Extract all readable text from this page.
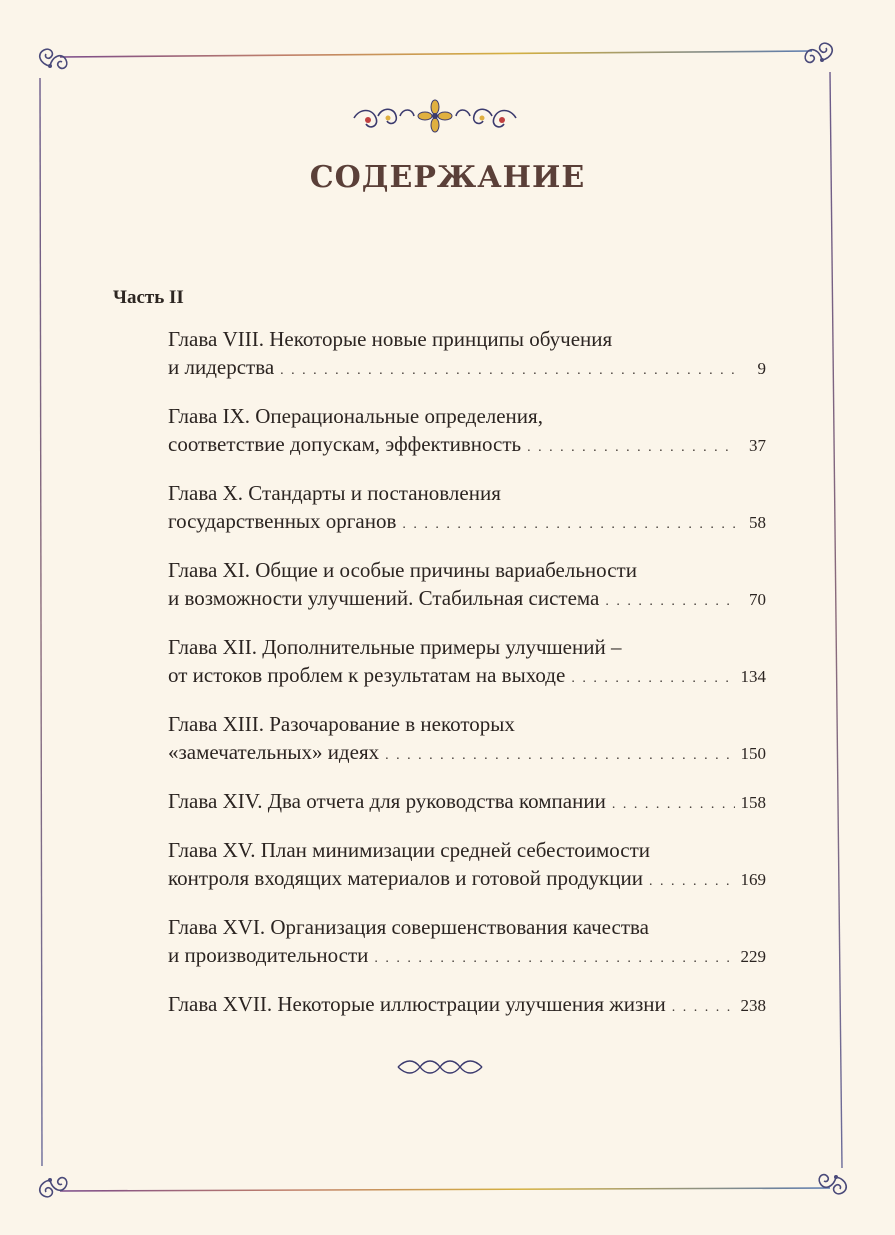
СОДЕРЖАНИЕ
Часть II
Глава VIII. Некоторые новые принципы обучения
и лидерства . . .	9
Глава IX. Операциональные определения,
соответствие допускам, эффективность . . .	37
Глава X. Стандарты и постановления
государственных органов . . .	58
Глава XI. Общие и особые причины вариабельности
и возможности улучшений. Стабильная система . . .	70
Глава XII. Дополнительные примеры улучшений –
от истоков проблем к результатам на выходе . . .	134
Глава XIII. Разочарование в некоторых
«замечательных» идеях . . .	150
Глава XIV. Два отчета для руководства компании . . .	158
Глава XV. План минимизации средней себестоимости
контроля входящих материалов и готовой продукции . . .	169
Глава XVI. Организация совершенствования качества
и производительности . . .	229
Глава XVII. Некоторые иллюстрации улучшения жизни . . .	238
